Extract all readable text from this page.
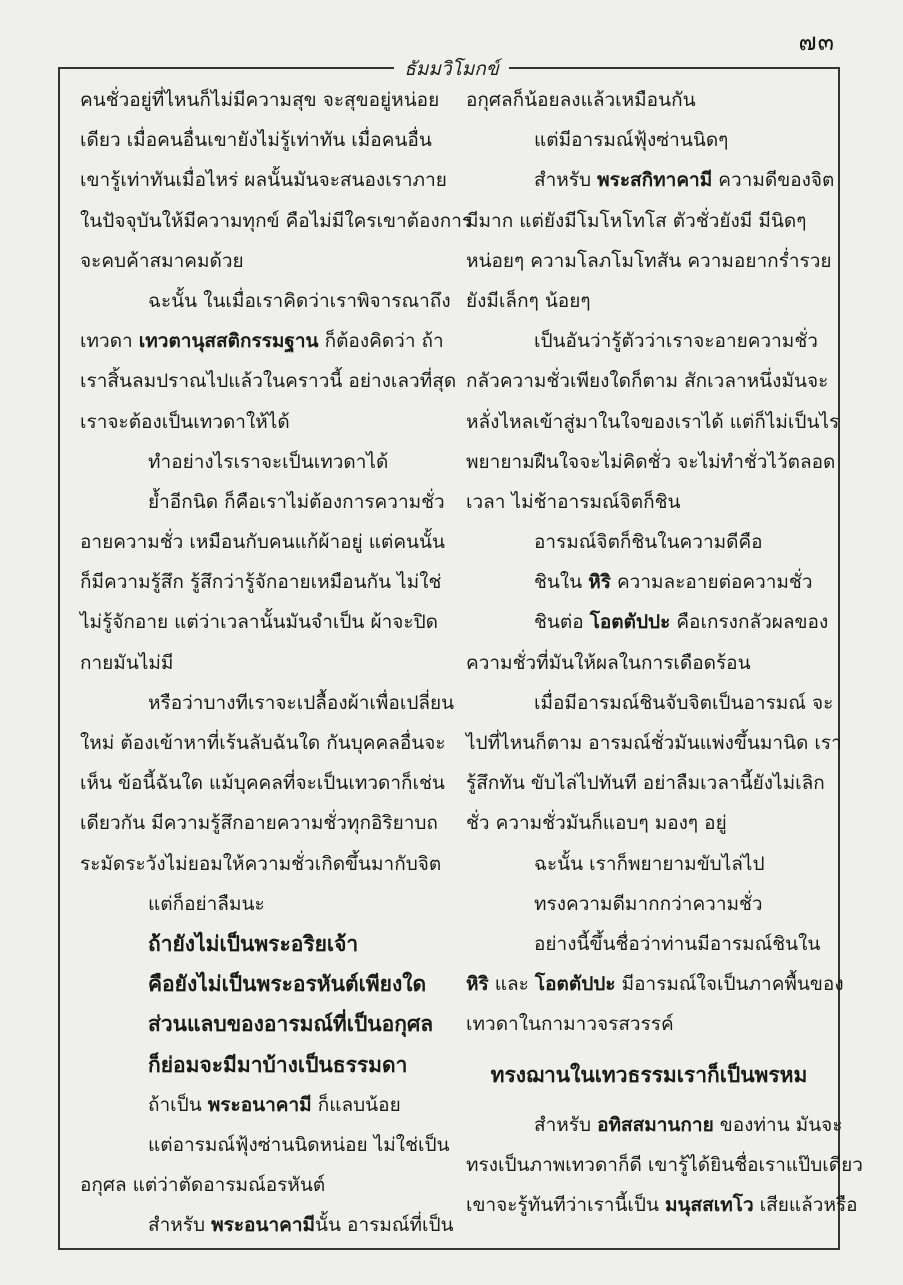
๗๓
ธัมมวิโมกข์
คนชั่วอยู่ที่ไหนก็ไม่มีความสุข จะสุขอยู่หน่อย
เดียว เมื่อคนอื่นเขายังไม่รู้เท่าทัน เมื่อคนอื่น
เขารู้เท่าทันเมื่อไหร่ ผลนั้นมันจะสนองเราภาย
ในปัจจุบันให้มีความทุกข์ คือไม่มีใครเขาต้องการ
จะคบค้าสมาคมด้วย
ฉะนั้น ในเมื่อเราคิดว่าเราพิจารณาถึง
เทวดา เทวตานุสสติกรรมฐาน ก็ต้องคิดว่า ถ้า
เราสิ้นลมปราณไปแล้วในคราวนี้ อย่างเลวที่สุด
เราจะต้องเป็นเทวดาให้ได้
ทำอย่างไรเราจะเป็นเทวดาได้
ย้ำอีกนิด ก็คือเราไม่ต้องการความชั่ว
อายความชั่ว เหมือนกับคนแก้ผ้าอยู่ แต่คนนั้น
ก็มีความรู้สึก รู้สึกว่ารู้จักอายเหมือนกัน ไม่ใช่
ไม่รู้จักอาย แต่ว่าเวลานั้นมันจำเป็น ผ้าจะปิด
กายมันไม่มี
หรือว่าบางทีเราจะเปลื้องผ้าเพื่อเปลี่ยน
ใหม่ ต้องเข้าหาที่เร้นลับฉันใด กันบุคคลอื่นจะ
เห็น ข้อนี้ฉันใด แม้บุคคลที่จะเป็นเทวดาก็เช่น
เดียวกัน มีความรู้สึกอายความชั่วทุกอิริยาบถ
ระมัดระวังไม่ยอมให้ความชั่วเกิดขึ้นมากับจิต
แต่ก็อย่าลืมนะ
ถ้ายังไม่เป็นพระอริยเจ้า
คือยังไม่เป็นพระอรหันต์เพียงใด
ส่วนแลบของอารมณ์ที่เป็นอกุศล
ก็ย่อมจะมีมาบ้างเป็นธรรมดา
ถ้าเป็น พระอนาคามี ก็แลบน้อย
แต่อารมณ์ฟุ้งซ่านนิดหน่อย ไม่ใช่เป็น
อกุศล แต่ว่าตัดอารมณ์อรหันต์
สำหรับ พระอนาคามีนั้น อารมณ์ที่เป็น
อกุศลก็น้อยลงแล้วเหมือนกัน
แต่มีอารมณ์ฟุ้งซ่านนิดๆ
สำหรับ พระสกิทาคามี ความดีของจิต
มีมาก แต่ยังมีโมโหโทโส ตัวชั่วยังมี มีนิดๆ
หน่อยๆ ความโลภโมโทสัน ความอยากร่ำรวย
ยังมีเล็กๆ น้อยๆ
เป็นอันว่ารู้ตัวว่าเราจะอายความชั่ว
กลัวความชั่วเพียงใดก็ตาม สักเวลาหนึ่งมันจะ
หลั่งไหลเข้าสู่มาในใจของเราได้ แต่ก็ไม่เป็นไร
พยายามฝืนใจจะไม่คิดชั่ว จะไม่ทำชั่วไว้ตลอด
เวลา ไม่ช้าอารมณ์จิตก็ชิน
อารมณ์จิตก็ชินในความดีคือ
ชินใน หิริ ความละอายต่อความชั่ว
ชินต่อ โอตตัปปะ คือเกรงกลัวผลของ
ความชั่วที่มันให้ผลในการเดือดร้อน
เมื่อมีอารมณ์ชินจับจิตเป็นอารมณ์ จะ
ไปที่ไหนก็ตาม อารมณ์ชั่วมันแพ่งขึ้นมานิด เรา
รู้สึกทัน ขับไล่ไปทันที อย่าลืมเวลานี้ยังไม่เลิก
ชั่ว ความชั่วมันก็แอบๆ มองๆ อยู่
ฉะนั้น เราก็พยายามขับไล่ไป
ทรงความดีมากกว่าความชั่ว
อย่างนี้ขึ้นชื่อว่าท่านมีอารมณ์ชินใน
หิริ และ โอตตัปปะ มีอารมณ์ใจเป็นภาคพื้นของ
เทวดาในกามาวจรสวรรค์
ทรงฌานในเทวธรรมเราก็เป็นพรหม
สำหรับ อทิสสมานกาย ของท่าน มันจะ
ทรงเป็นภาพเทวดาก็ดี เขารู้ได้ยินชื่อเราแป๊บเดียว
เขาจะรู้ทันทีว่าเรานี้เป็น มนุสสเทโว เสียแล้วหรือ
